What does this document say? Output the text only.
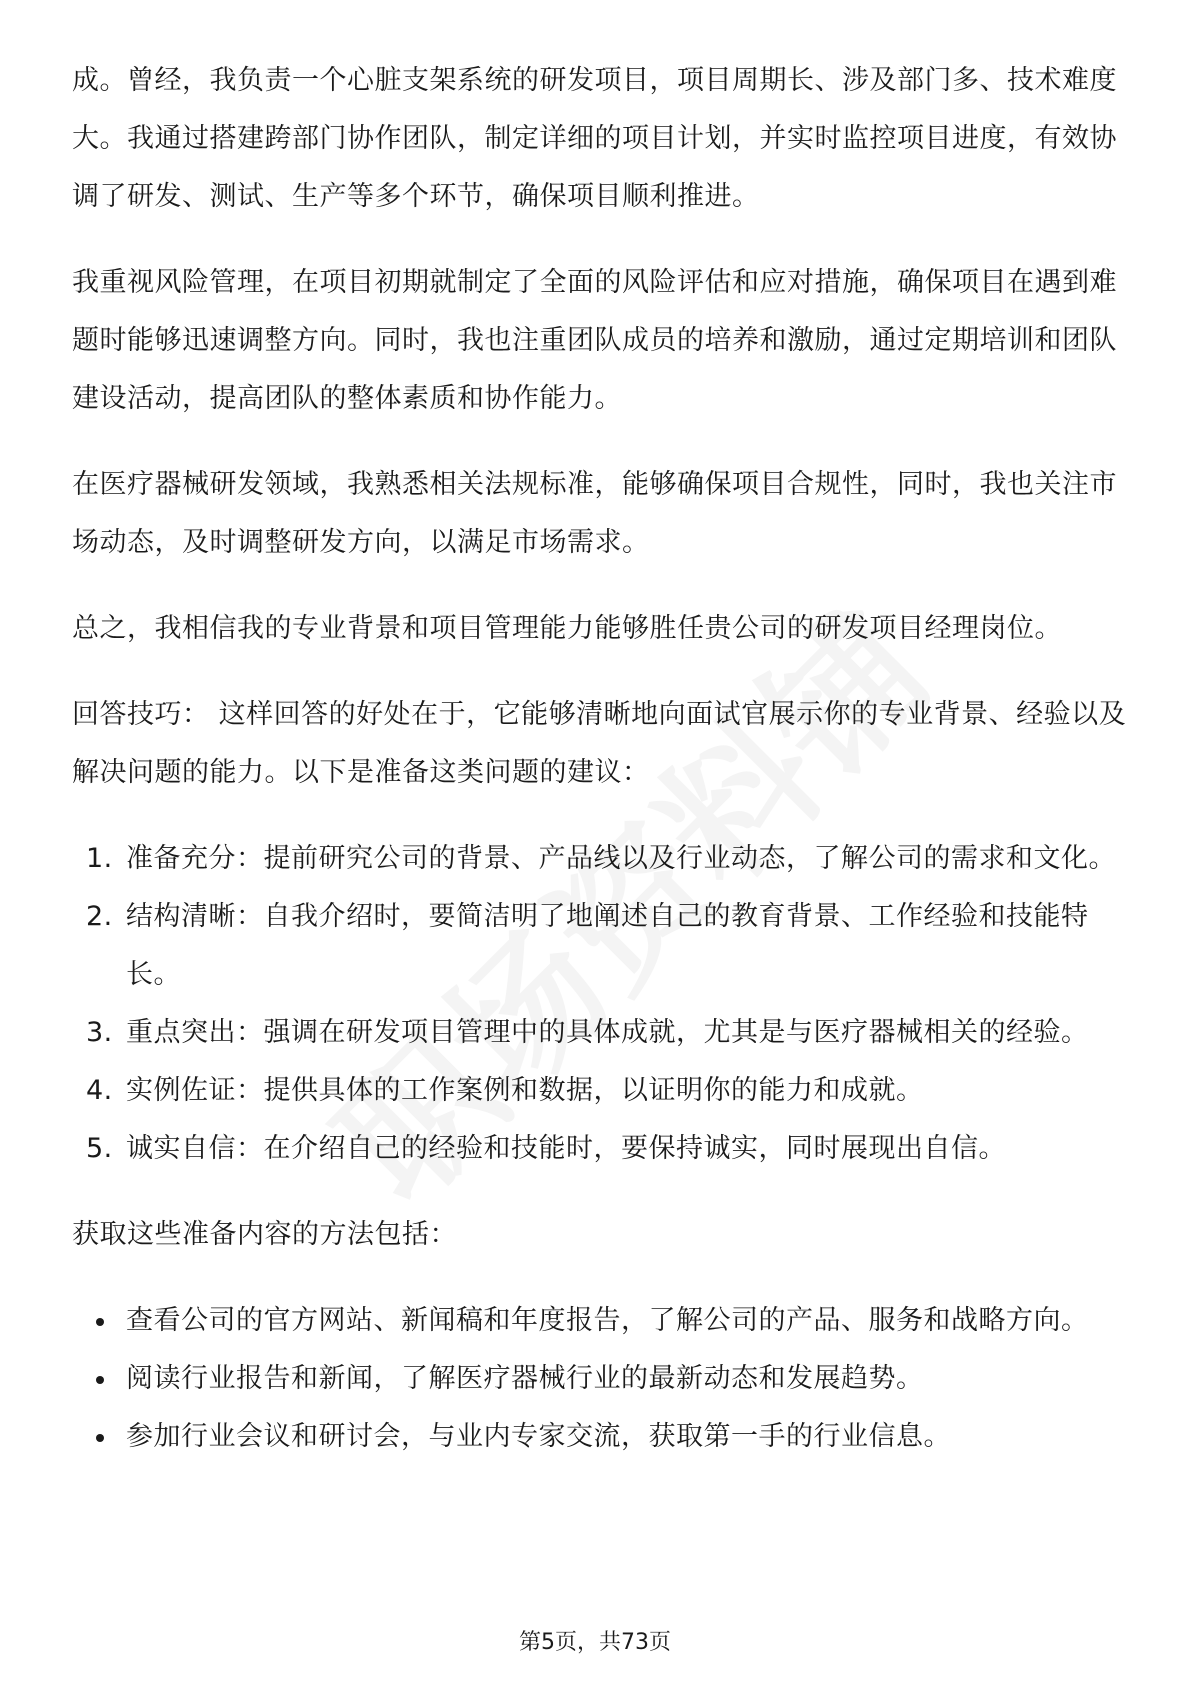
成。曾经，我负责一个心脏支架系统的研发项目，项目周期长、涉及部门多、技术难度大。我通过搭建跨部门协作团队，制定详细的项目计划，并实时监控项目进度，有效协调了研发、测试、生产等多个环节，确保项目顺利推进。

我重视风险管理，在项目初期就制定了全面的风险评估和应对措施，确保项目在遇到难题时能够迅速调整方向。同时，我也注重团队成员的培养和激励，通过定期培训和团队建设活动，提高团队的整体素质和协作能力。

在医疗器械研发领域，我熟悉相关法规标准，能够确保项目合规性，同时，我也关注市场动态，及时调整研发方向，以满足市场需求。

总之，我相信我的专业背景和项目管理能力能够胜任贵公司的研发项目经理岗位。

回答技巧： 这样回答的好处在于，它能够清晰地向面试官展示你的专业背景、经验以及解决问题的能力。以下是准备这类问题的建议：

1. 准备充分：提前研究公司的背景、产品线以及行业动态，了解公司的需求和文化。
2. 结构清晰：自我介绍时，要简洁明了地阐述自己的教育背景、工作经验和技能特长。
3. 重点突出：强调在研发项目管理中的具体成就，尤其是与医疗器械相关的经验。
4. 实例佐证：提供具体的工作案例和数据，以证明你的能力和成就。
5. 诚实自信：在介绍自己的经验和技能时，要保持诚实，同时展现出自信。

获取这些准备内容的方法包括：

查看公司的官方网站、新闻稿和年度报告，了解公司的产品、服务和战略方向。
阅读行业报告和新闻，了解医疗器械行业的最新动态和发展趋势。
参加行业会议和研讨会，与业内专家交流，获取第一手的行业信息。
第5页，共73页
